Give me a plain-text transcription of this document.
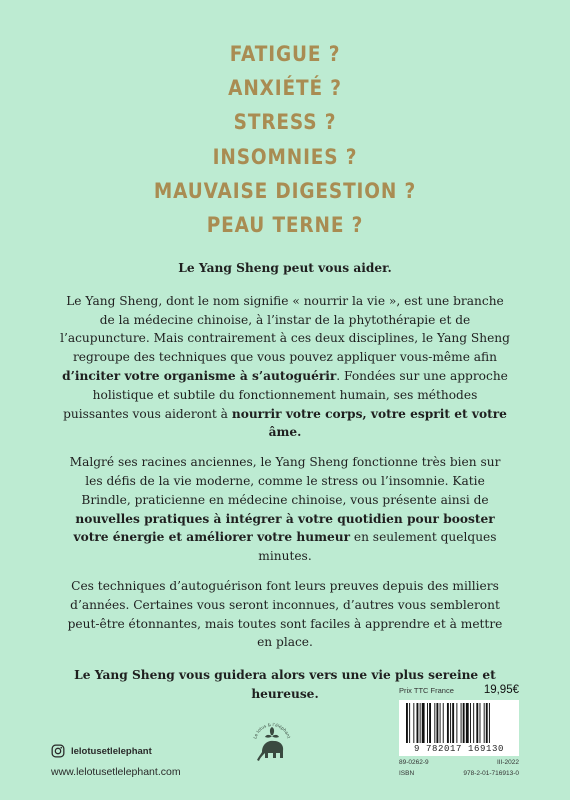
FATIGUE ?
ANXIÉTÉ ?
STRESS ?
INSOMNIES ?
MAUVAISE DIGESTION ?
PEAU TERNE ?

Le Yang Sheng peut vous aider.

Le Yang Sheng, dont le nom signifie « nourrir la vie », est une branche de la médecine chinoise, à l’instar de la phytothérapie et de l’acupuncture. Mais contrairement à ces deux disciplines, le Yang Sheng regroupe des techniques que vous pouvez appliquer vous-même afin d’inciter votre organisme à s’autoguérir. Fondées sur une approche holistique et subtile du fonctionnement humain, ses méthodes puissantes vous aideront à nourrir votre corps, votre esprit et votre âme.

Malgré ses racines anciennes, le Yang Sheng fonctionne très bien sur les défis de la vie moderne, comme le stress ou l’insomnie. Katie Brindle, praticienne en médecine chinoise, vous présente ainsi de nouvelles pratiques à intégrer à votre quotidien pour booster votre énergie et améliorer votre humeur en seulement quelques minutes.

Ces techniques d’autoguérison font leurs preuves depuis des milliers d’années. Certaines vous seront inconnues, d’autres vous sembleront peut-être étonnantes, mais toutes sont faciles à apprendre et à mettre en place.

Le Yang Sheng vous guidera alors vers une vie plus sereine et heureuse.

lelotusetlelephant
www.lelotusetlelephant.com
Le lotus & l’éléphant
Prix TTC France	19,95€
9 782017 169130
89-0262-9	III-2022
ISBN	978-2-01-716913-0
